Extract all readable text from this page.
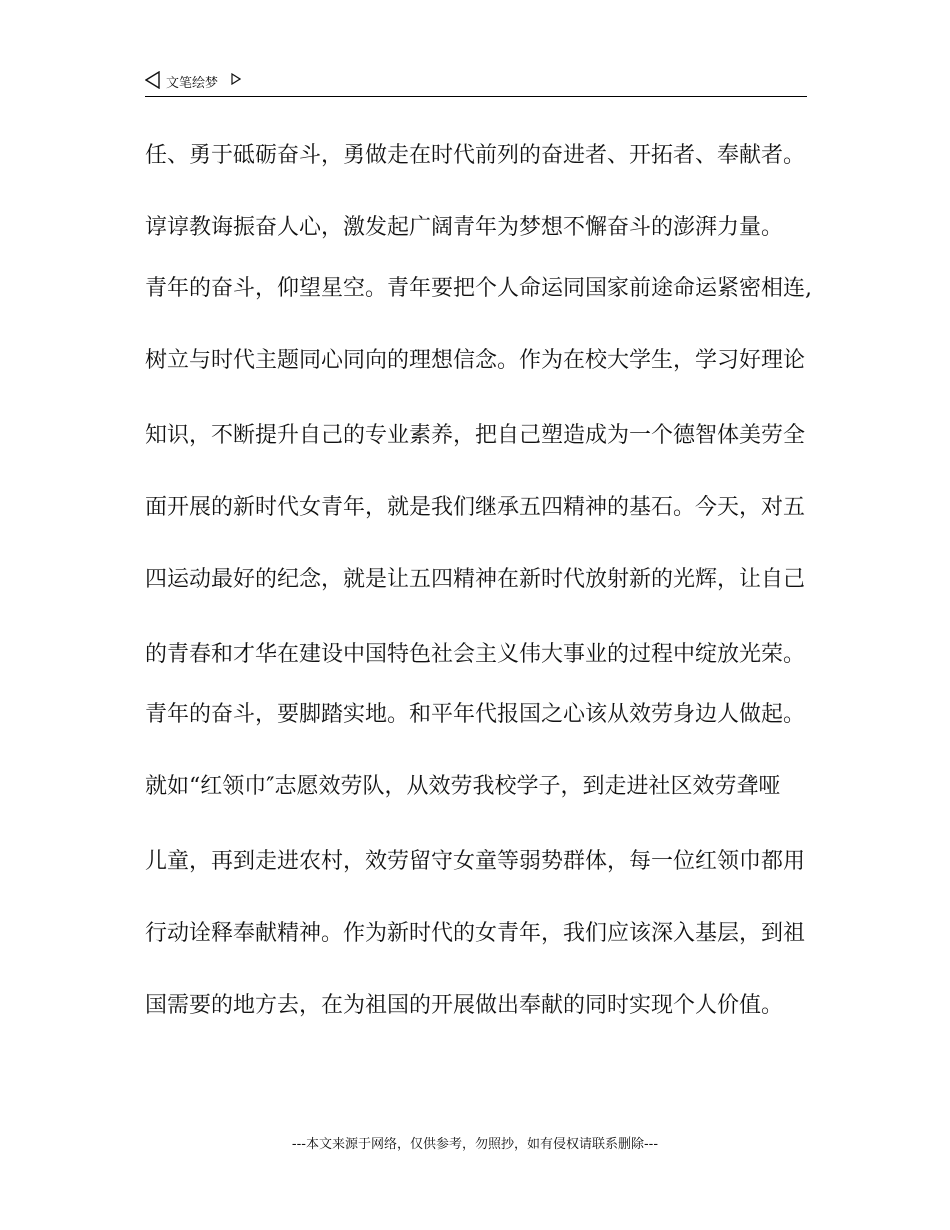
文笔绘梦
任、勇于砥砺奋斗，勇做走在时代前列的奋进者、开拓者、奉献者。
谆谆教诲振奋人心，激发起广阔青年为梦想不懈奋斗的澎湃力量。
青年的奋斗，仰望星空。青年要把个人命运同国家前途命运紧密相连,
树立与时代主题同心同向的理想信念。作为在校大学生，学习好理论
知识，不断提升自己的专业素养，把自己塑造成为一个德智体美劳全
面开展的新时代女青年，就是我们继承五四精神的基石。今天，对五
四运动最好的纪念，就是让五四精神在新时代放射新的光辉，让自己
的青春和才华在建设中国特色社会主义伟大事业的过程中绽放光荣。
青年的奋斗，要脚踏实地。和平年代报国之心该从效劳身边人做起。
就如“红领巾″志愿效劳队，从效劳我校学子，到走进社区效劳聋哑
儿童，再到走进农村，效劳留守女童等弱势群体，每一位红领巾都用
行动诠释奉献精神。作为新时代的女青年，我们应该深入基层，到祖
国需要的地方去，在为祖国的开展做出奉献的同时实现个人价值。
---本文来源于网络，仅供参考，勿照抄，如有侵权请联系删除---
